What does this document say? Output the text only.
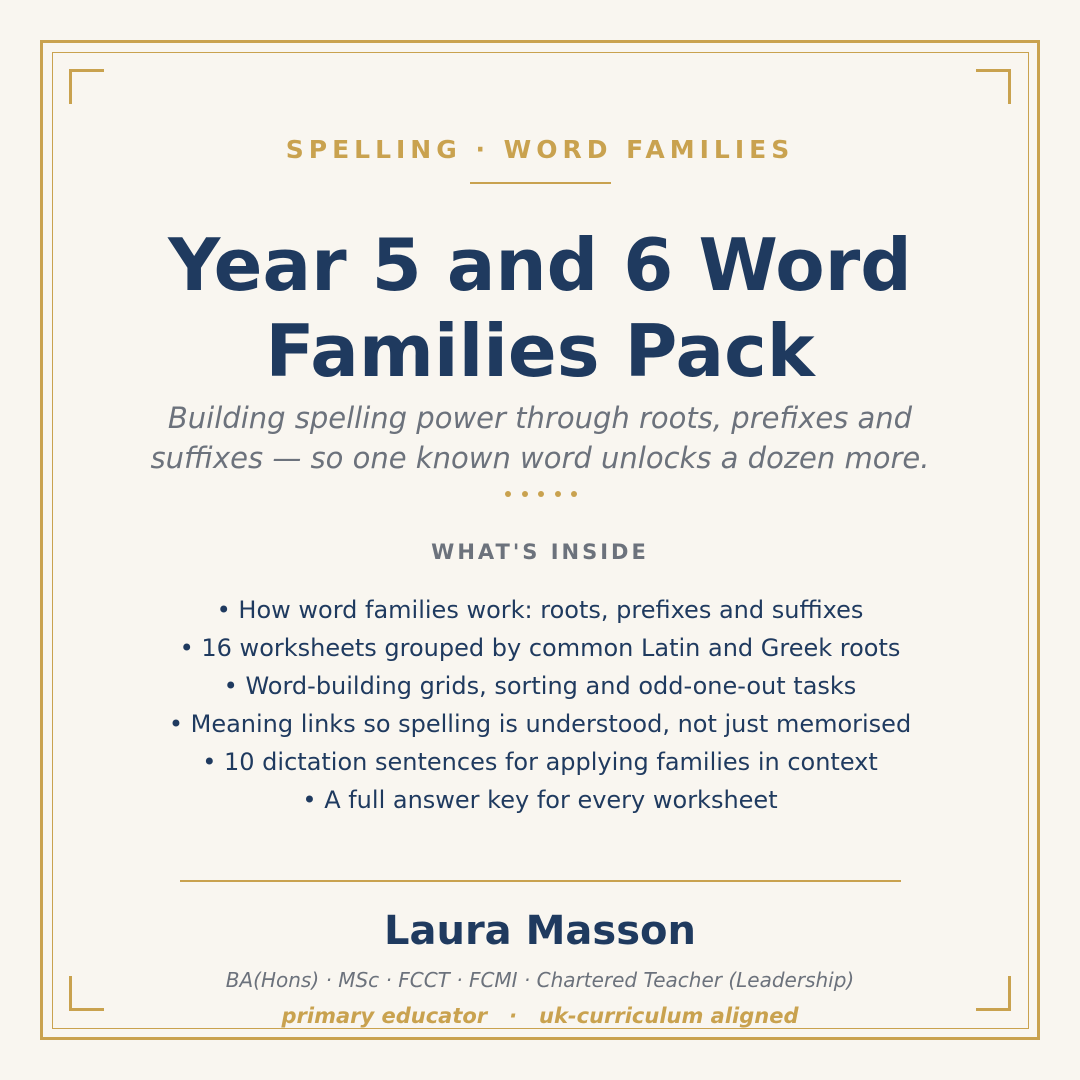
SPELLING · WORD FAMILIES
Year 5 and 6 Word
Families Pack
Building spelling power through roots, prefixes and
suffixes — so one known word unlocks a dozen more.
WHAT'S INSIDE
• How word families work: roots, prefixes and suffixes
• 16 worksheets grouped by common Latin and Greek roots
• Word-building grids, sorting and odd-one-out tasks
• Meaning links so spelling is understood, not just memorised
• 10 dictation sentences for applying families in context
• A full answer key for every worksheet
Laura Masson
BA(Hons) · MSc · FCCT · FCMI · Chartered Teacher (Leadership)
primary educator   ·   uk-curriculum aligned
